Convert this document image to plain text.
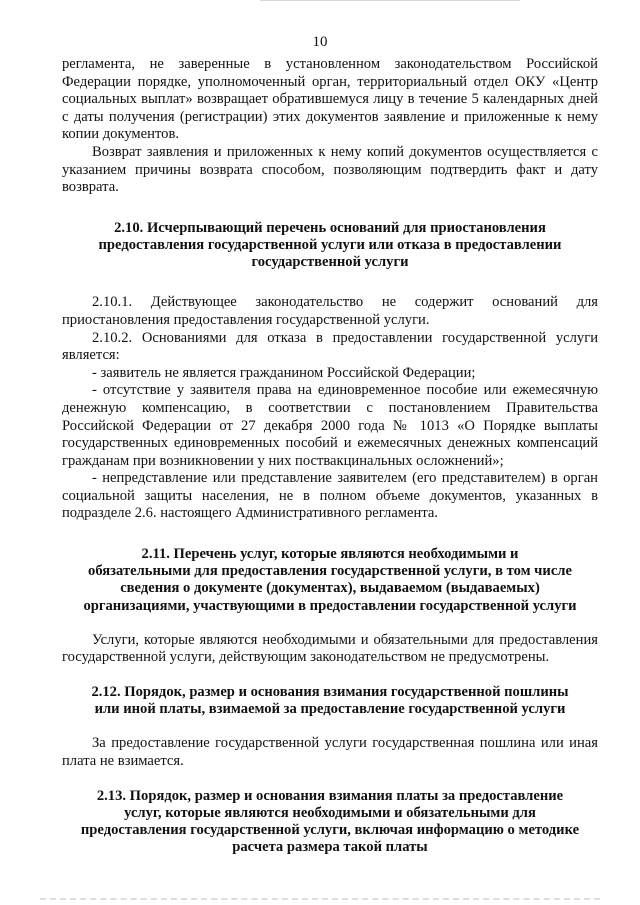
10

регламента, не заверенные в установленном законодательством Российской Федерации порядке, уполномоченный орган, территориальный отдел ОКУ «Центр социальных выплат» возвращает обратившемуся лицу в течение 5 календарных дней с даты получения (регистрации) этих документов заявление и приложенные к нему копии документов.

Возврат заявления и приложенных к нему копий документов осуществляется с указанием причины возврата способом, позволяющим подтвердить факт и дату возврата.

2.10. Исчерпывающий перечень оснований для приостановления
предоставления государственной услуги или отказа в предоставлении
государственной услуги

2.10.1. Действующее законодательство не содержит оснований для приостановления предоставления государственной услуги.

2.10.2. Основаниями для отказа в предоставлении государственной услуги является:

- заявитель не является гражданином Российской Федерации;

- отсутствие у заявителя права на единовременное пособие или ежемесячную денежную компенсацию, в соответствии с постановлением Правительства Российской Федерации от 27 декабря 2000 года № 1013 «О Порядке выплаты государственных единовременных пособий и ежемесячных денежных компенсаций гражданам при возникновении у них поствакцинальных осложнений»;

- непредставление или представление заявителем (его представителем) в орган социальной защиты населения, не в полном объеме документов, указанных в подразделе 2.6. настоящего Административного регламента.

2.11. Перечень услуг, которые являются необходимыми и
обязательными для предоставления государственной услуги, в том числе
сведения о документе (документах), выдаваемом (выдаваемых)
организациями, участвующими в предоставлении государственной услуги

Услуги, которые являются необходимыми и обязательными для предоставления государственной услуги, действующим законодательством не предусмотрены.

2.12. Порядок, размер и основания взимания государственной пошлины
или иной платы, взимаемой за предоставление государственной услуги

За предоставление государственной услуги государственная пошлина или иная плата не взимается.

2.13. Порядок, размер и основания взимания платы за предоставление
услуг, которые являются необходимыми и обязательными для
предоставления государственной услуги, включая информацию о методике
расчета размера такой платы
